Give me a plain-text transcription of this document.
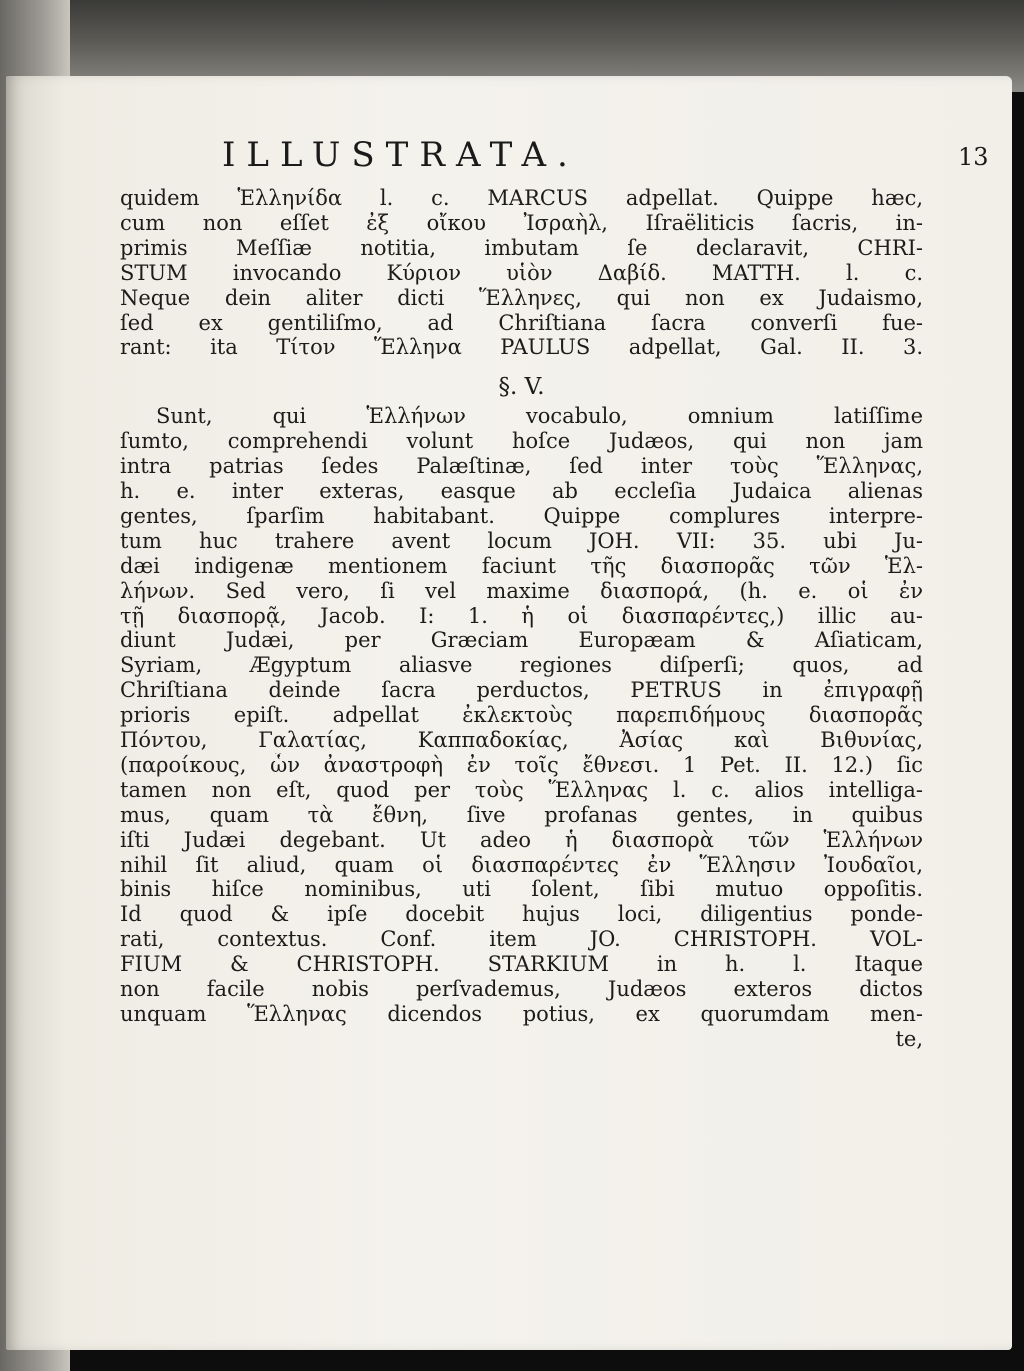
ILLUSTRATA.	13
quidem Ἑλληνίδα l. c. MARCUS adpellat. Quippe hæc,
cum non eſſet ἐξ οἴκου Ἰσραὴλ, Iſraëliticis ſacris, in-
primis Meſſiæ notitia, imbutam ſe declaravit, CHRI-
STUM invocando Κύριον υἱὸν Δαβίδ. MATTH. l. c.
Neque dein aliter dicti Ἕλληνες, qui non ex Judaismo,
ſed ex gentiliſmo, ad Chriſtiana ſacra converſi fue-
rant: ita Τίτον Ἕλληνα PAULUS adpellat, Gal. II. 3.
§. V.
Sunt, qui Ἑλλήνων vocabulo, omnium latiſſime
ſumto, comprehendi volunt hoſce Judæos, qui non jam
intra patrias ſedes Palæſtinæ, ſed inter τοὺς Ἕλληνας,
h. e. inter exteras, easque ab eccleſia Judaica alienas
gentes, ſparſim habitabant. Quippe complures interpre-
tum huc trahere avent locum JOH. VII: 35. ubi Ju-
dæi indigenæ mentionem faciunt τῆς διασπορᾶς τῶν Ἑλ-
λήνων. Sed vero, ſi vel maxime διασπορά, (h. e. οἱ ἐν
τῇ διασπορᾷ, Jacob. I: 1. ἡ οἱ διασπαρέντες,) illic au-
diunt Judæi, per Græciam Europæam & Aſiaticam,
Syriam, Ægyptum aliasve regiones diſperſi; quos, ad
Chriſtiana deinde ſacra perductos, PETRUS in ἐπιγραφῇ
prioris epiſt. adpellat ἐκλεκτοὺς παρεπιδήμους διασπορᾶς
Πόντου, Γαλατίας, Καππαδοκίας, Ἀσίας καὶ Βιθυνίας,
(παροίκους, ὧν ἀναστροφὴ ἐν τοῖς ἔθνεσι. 1 Pet. II. 12.) ſic
tamen non eſt, quod per τοὺς Ἕλληνας l. c. alios intelliga-
mus, quam τὰ ἔθνη, ſive profanas gentes, in quibus
iſti Judæi degebant. Ut adeo ἡ διασπορὰ τῶν Ἑλλήνων
nihil ſit aliud, quam οἱ διασπαρέντες ἐν Ἕλλησιν Ἰουδαῖοι,
binis hiſce nominibus, uti ſolent, ſibi mutuo oppoſitis.
Id quod & ipſe docebit hujus loci, diligentius ponde-
rati, contextus. Conf. item JO. CHRISTOPH. VOL-
FIUM & CHRISTOPH. STARKIUM in h. l. Itaque
non facile nobis perſvademus, Judæos exteros dictos
unquam Ἕλληνας dicendos potius, ex quorumdam men-
te,
